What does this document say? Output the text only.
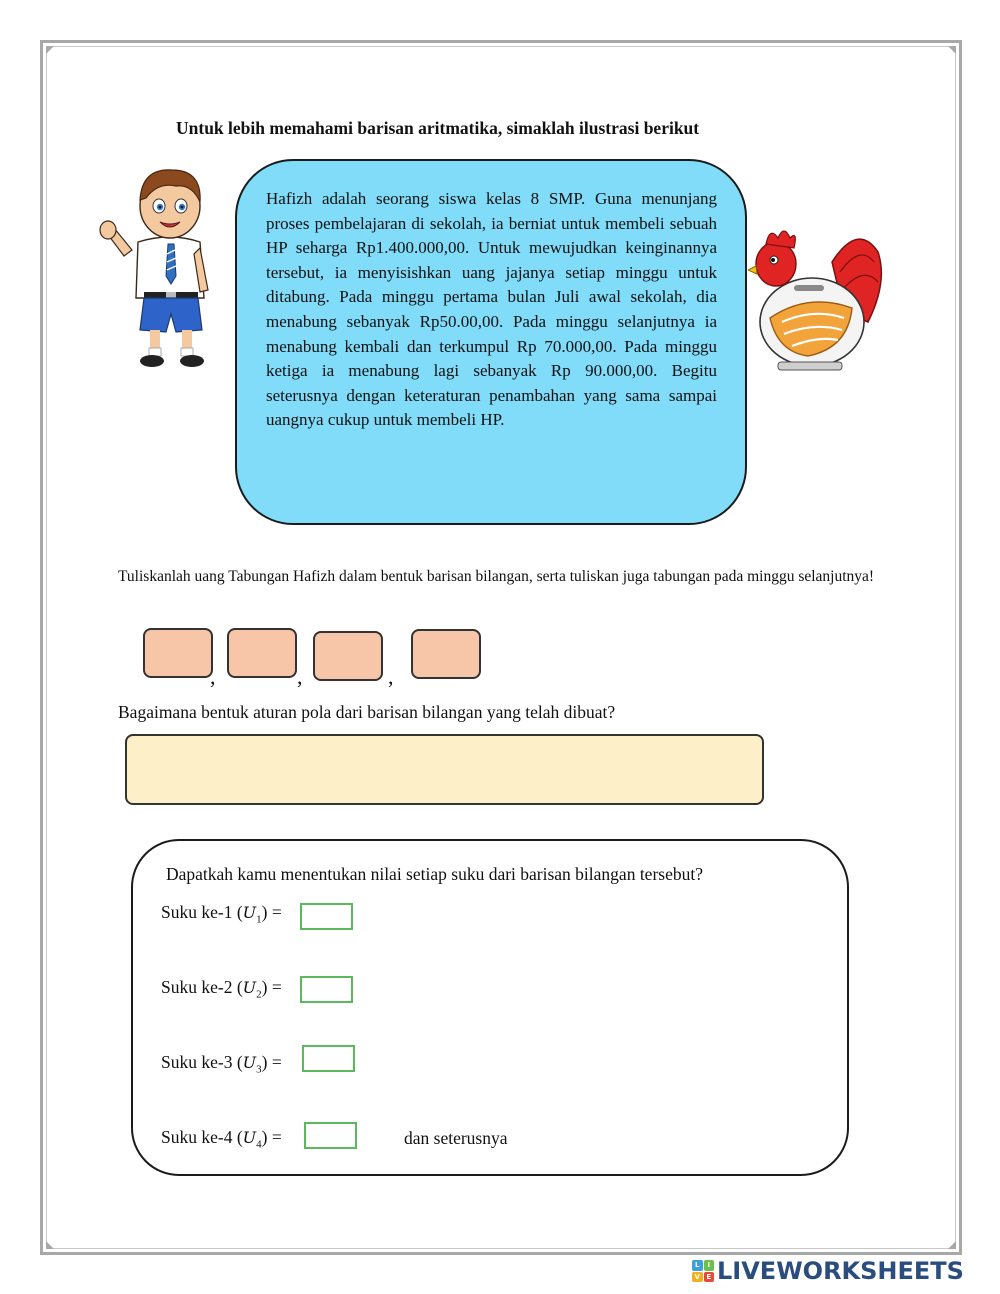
Untuk lebih memahami barisan aritmatika, simaklah ilustrasi berikut
Hafizh adalah seorang siswa kelas 8 SMP. Guna menunjang proses pembelajaran di sekolah, ia berniat untuk membeli sebuah HP seharga Rp1.400.000,00. Untuk mewujudkan keinginannya tersebut, ia menyisishkan uang jajanya setiap minggu untuk ditabung. Pada minggu pertama bulan Juli awal sekolah, dia menabung sebanyak Rp50.00,00. Pada minggu selanjutnya ia menabung kembali dan terkumpul Rp 70.000,00. Pada minggu ketiga ia menabung lagi sebanyak Rp 90.000,00. Begitu seterusnya dengan keteraturan penambahan yang sama sampai uangnya cukup untuk membeli HP.
Tuliskanlah uang Tabungan Hafizh dalam bentuk barisan bilangan, serta tuliskan juga tabungan pada minggu selanjutnya!
,	,	,
Bagaimana bentuk aturan pola dari barisan bilangan yang telah dibuat?
Dapatkah kamu menentukan nilai setiap suku dari barisan bilangan tersebut?
Suku ke-1 $(U_1)$ =
Suku ke-2 $(U_2)$ =
Suku ke-3 $(U_3)$ =
Suku ke-4 $(U_4)$ =	dan seterusnya
L	I
V E LIVEWORKSHEETS
